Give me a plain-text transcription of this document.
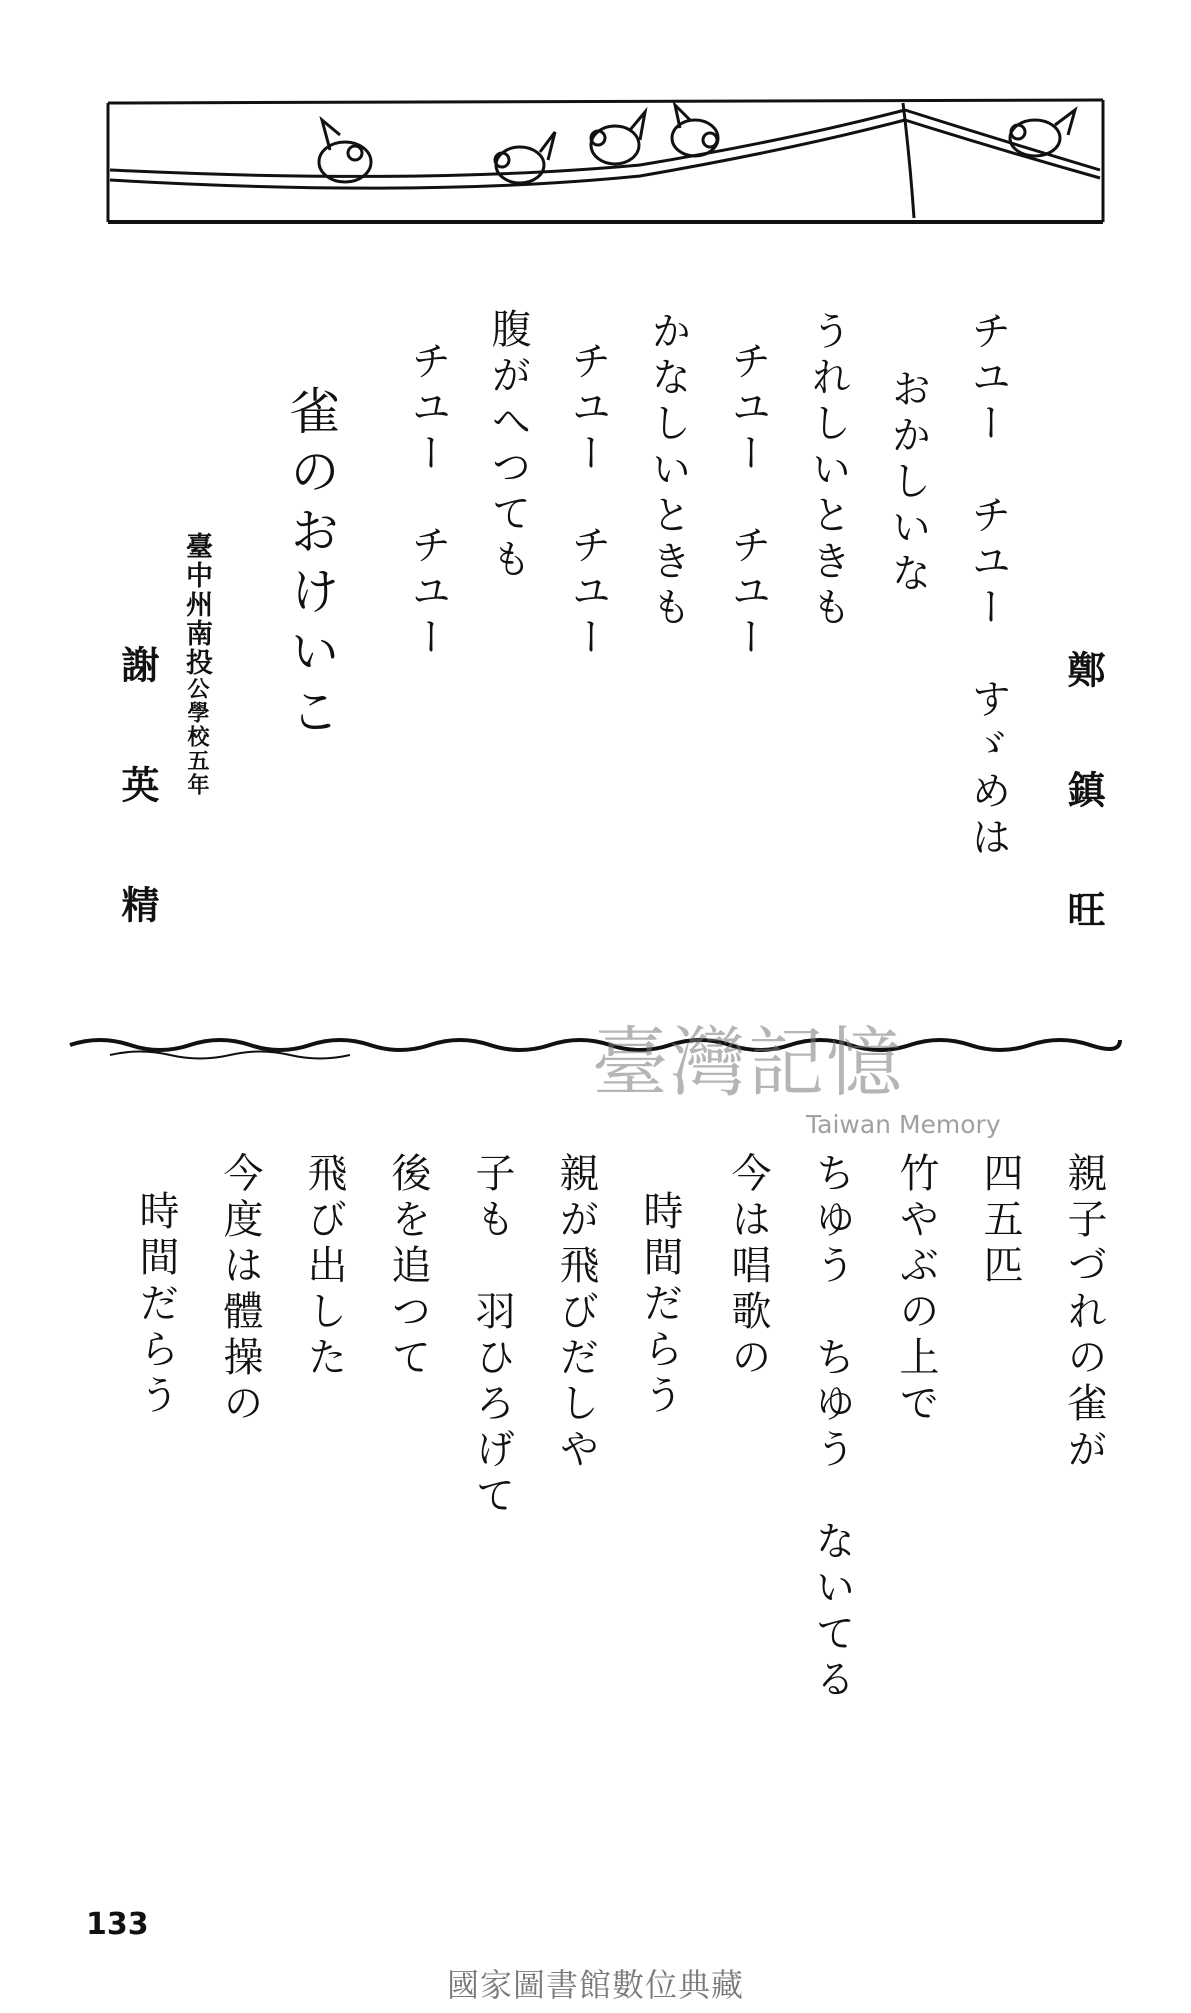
鄭鎮旺
チユー　チユー　すゞめは
おかしいな
うれしいときも
チユー　チユー
かなしいときも
チユー　チユー
腹がへつても
チユー　チユー
雀のおけいこ
臺中州南投公學校五年
謝英精
臺灣記憶
Taiwan Memory
親子づれの雀が
四五匹
竹やぶの上で
ちゆう　ちゆう　ないてる
今は唱歌の
時間だらう
親が飛びだしや
子も　羽ひろげて
後を追つて
飛び出した
今度は體操の
時間だらう
133
國家圖書館數位典藏
